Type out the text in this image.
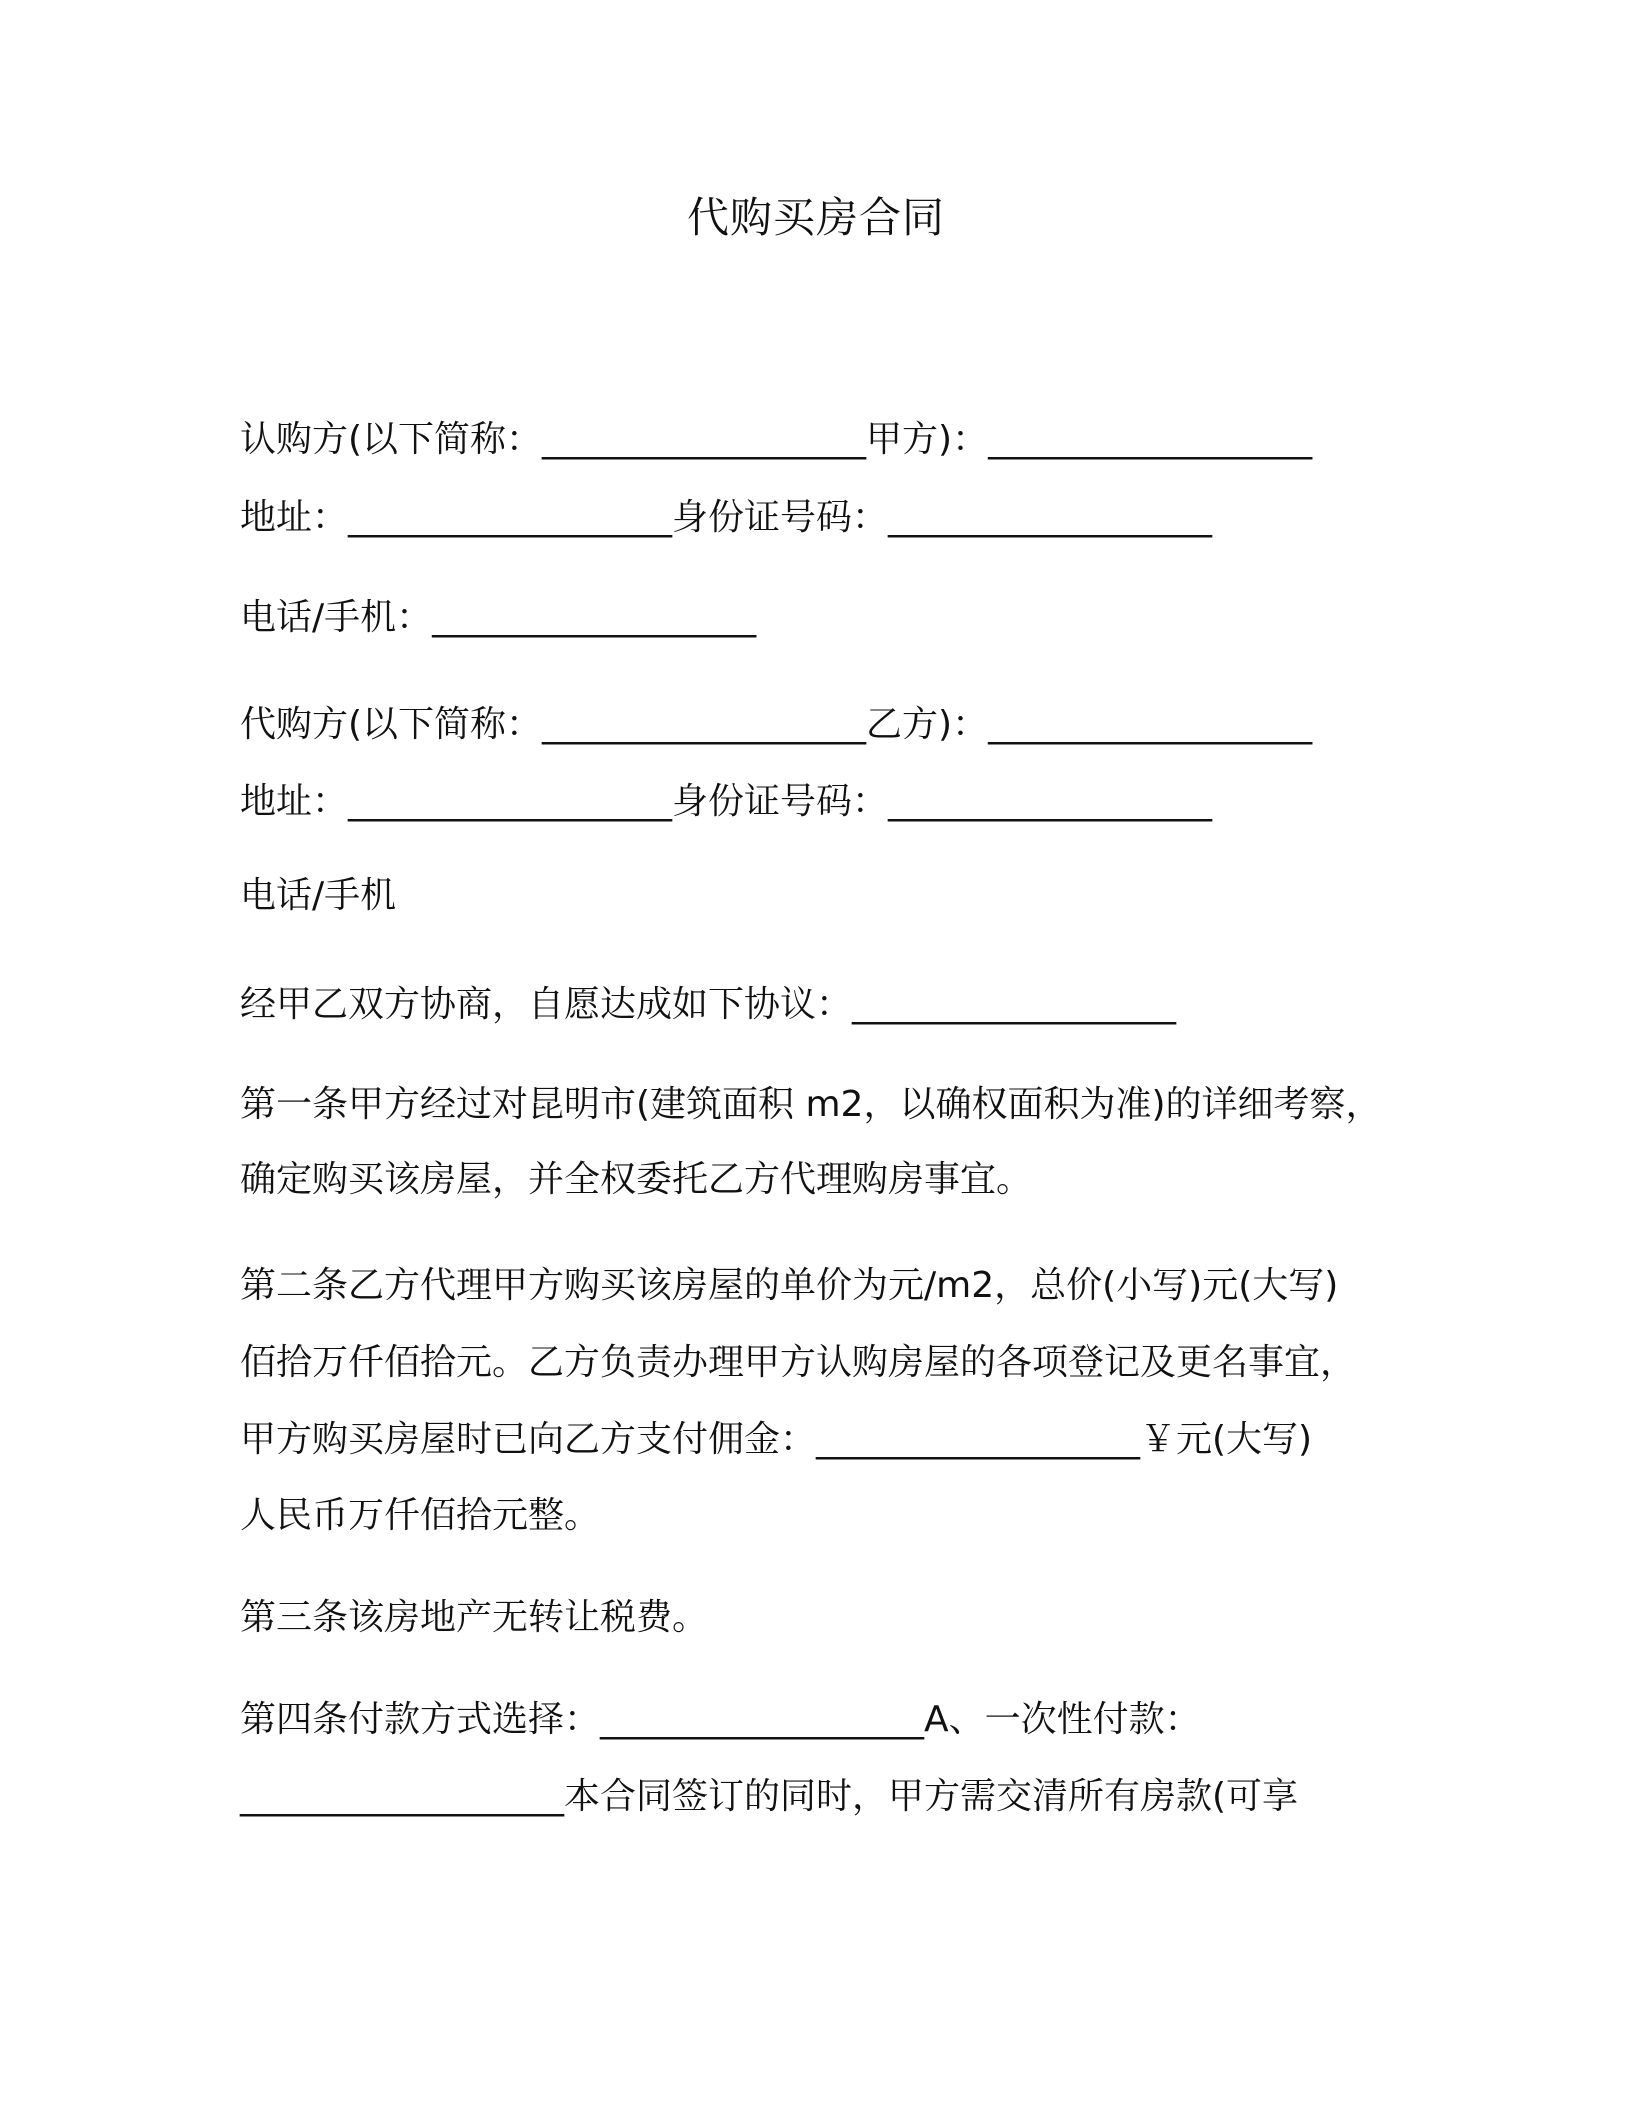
代购买房合同
认购方(以下简称：__________________甲方)：__________________
地址：__________________身份证号码：__________________
电话/手机：__________________
代购方(以下简称：__________________乙方)：__________________
地址：__________________身份证号码：__________________
电话/手机
经甲乙双方协商，自愿达成如下协议：__________________
第一条甲方经过对昆明市(建筑面积 m2，以确权面积为准)的详细考察，
确定购买该房屋，并全权委托乙方代理购房事宜。
第二条乙方代理甲方购买该房屋的单价为元/m2，总价(小写)元(大写)
佰拾万仟佰拾元。乙方负责办理甲方认购房屋的各项登记及更名事宜，
甲方购买房屋时已向乙方支付佣金：__________________￥元(大写)
人民币万仟佰拾元整。
第三条该房地产无转让税费。
第四条付款方式选择：__________________A、一次性付款：
__________________本合同签订的同时，甲方需交清所有房款(可享
